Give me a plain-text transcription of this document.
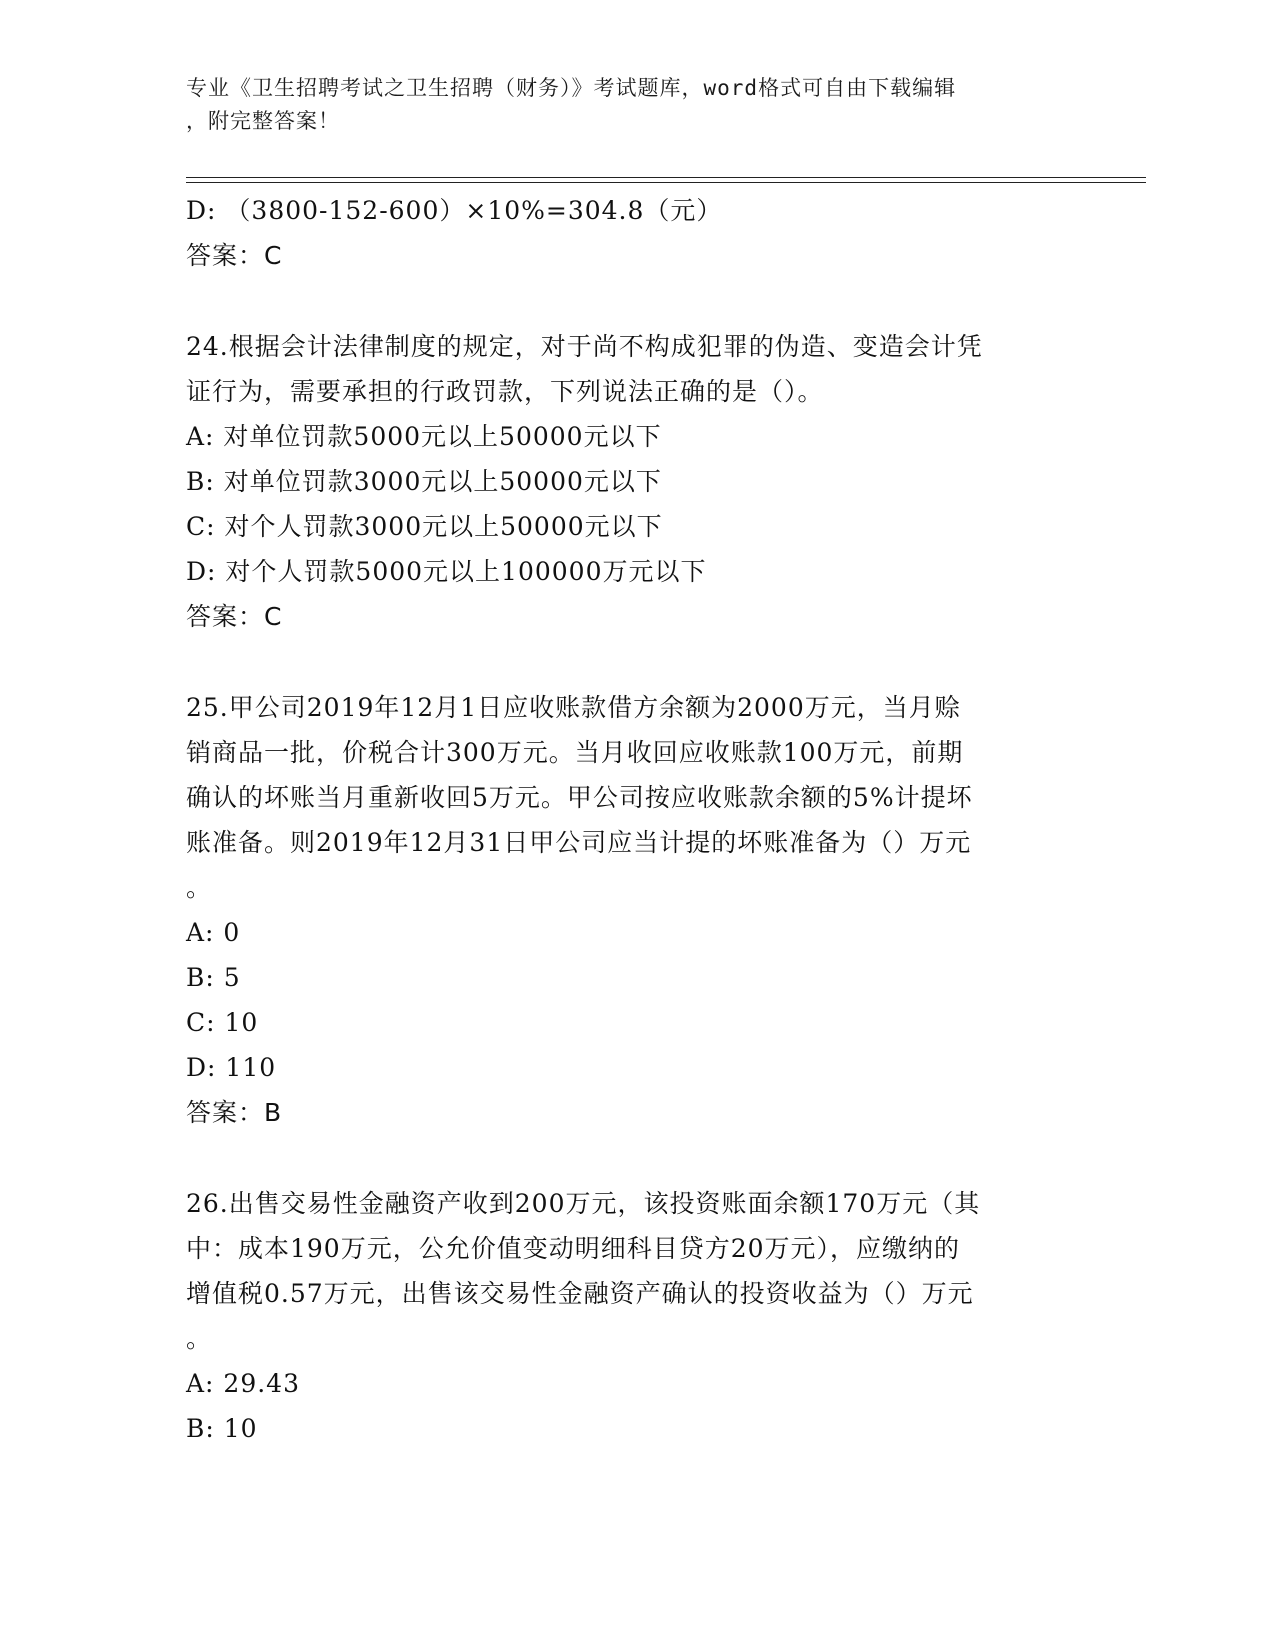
专业《卫生招聘考试之卫生招聘（财务）》考试题库，word格式可自由下载编辑
，附完整答案！
D: （3800-152-600）×10%=304.8（元）
答案：C
24.根据会计法律制度的规定，对于尚不构成犯罪的伪造、变造会计凭
证行为，需要承担的行政罚款，下列说法正确的是（）。
A: 对单位罚款5000元以上50000元以下
B: 对单位罚款3000元以上50000元以下
C: 对个人罚款3000元以上50000元以下
D: 对个人罚款5000元以上100000万元以下
答案：C
25.甲公司2019年12月1日应收账款借方余额为2000万元，当月赊
销商品一批，价税合计300万元。当月收回应收账款100万元，前期
确认的坏账当月重新收回5万元。甲公司按应收账款余额的5%计提坏
账准备。则2019年12月31日甲公司应当计提的坏账准备为（）万元
。
A: 0
B: 5
C: 10
D: 110
答案：B
26.出售交易性金融资产收到200万元，该投资账面余额170万元（其
中：成本190万元，公允价值变动明细科目贷方20万元），应缴纳的
增值税0.57万元，出售该交易性金融资产确认的投资收益为（）万元
。
A: 29.43
B: 10
